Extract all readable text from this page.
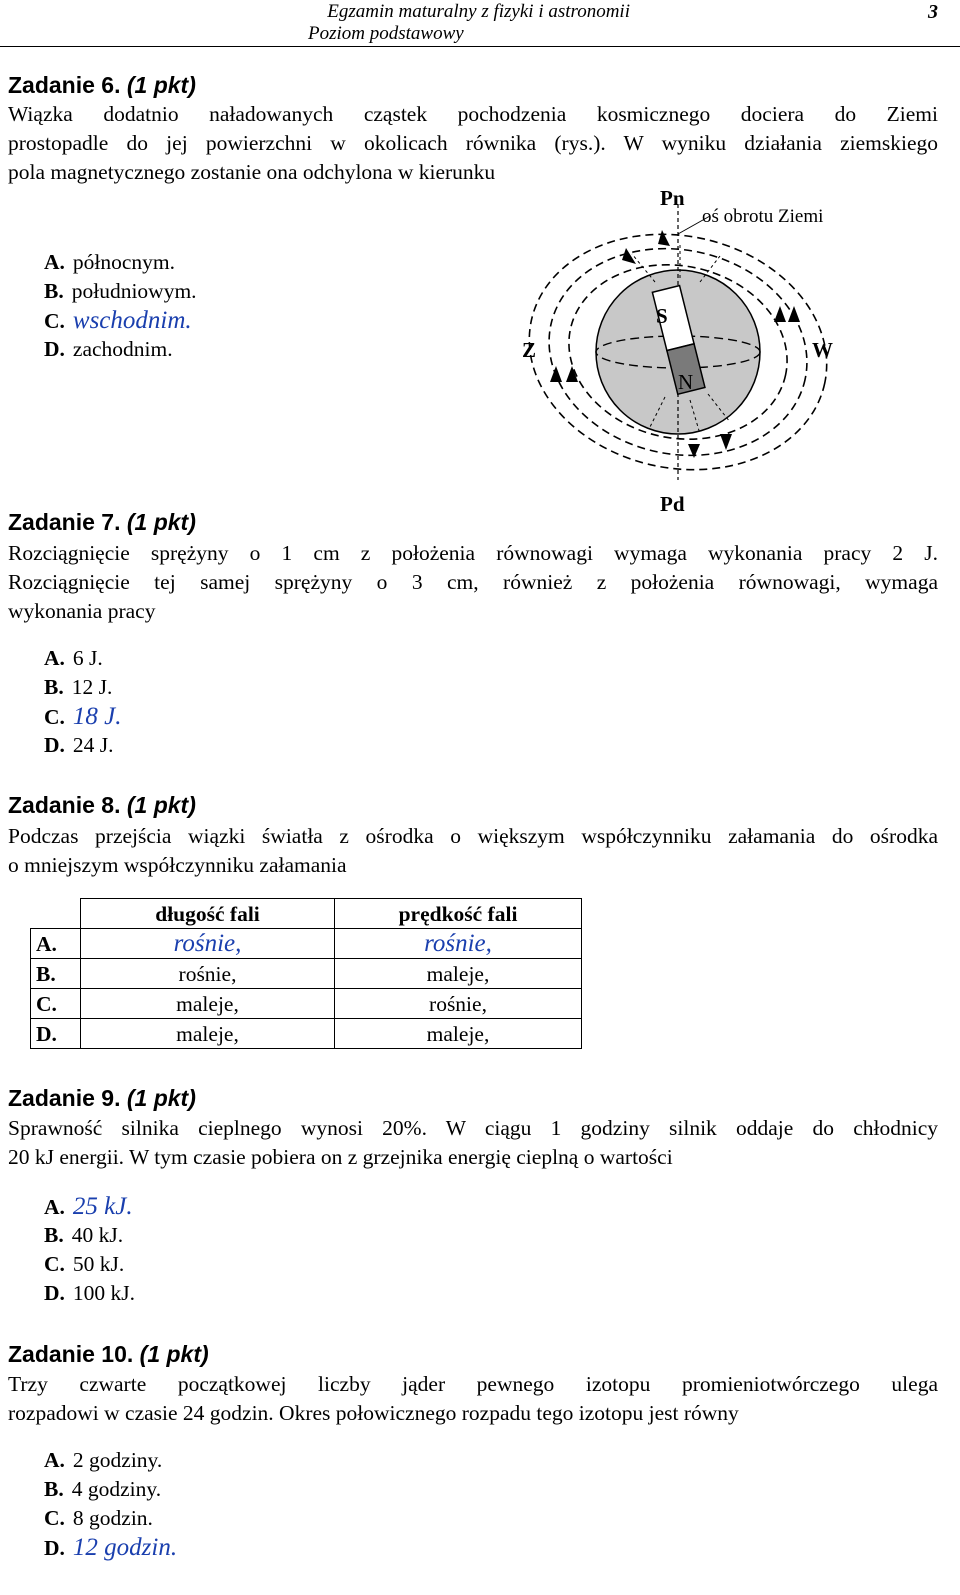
Egzamin maturalny z fizyki i astronomii	3
Poziom podstawowy
Zadanie 6. (1 pkt)
Wiązka dodatnio naładowanych cząstek pochodzenia kosmicznego dociera do Ziemi
prostopadle do jej powierzchni w okolicach równika (rys.). W wyniku działania ziemskiego
pola magnetycznego zostanie ona odchylona w kierunku
A. północnym.
B. południowym.
C. wschodnim.
D. zachodnim.
Pn
oś obrotu Ziemi
Z	W
S
N
Pd
Zadanie 7. (1 pkt)
Rozciągnięcie sprężyny o 1 cm z położenia równowagi wymaga wykonania pracy 2 J.
Rozciągnięcie tej samej sprężyny o 3 cm, również z położenia równowagi, wymaga
wykonania pracy
A. 6 J.
B. 12 J.
C. 18 J.
D. 24 J.
Zadanie 8. (1 pkt)
Podczas przejścia wiązki światła z ośrodka o większym współczynniku załamania do ośrodka
o mniejszym współczynniku załamania
	długość fali	prędkość fali
A.	rośnie,	rośnie,
B.	rośnie,	maleje,
C.	maleje,	rośnie,
D.	maleje,	maleje,
Zadanie 9. (1 pkt)
Sprawność silnika cieplnego wynosi 20%. W ciągu 1 godziny silnik oddaje do chłodnicy
20 kJ energii. W tym czasie pobiera on z grzejnika energię cieplną o wartości
A. 25 kJ.
B. 40 kJ.
C. 50 kJ.
D. 100 kJ.
Zadanie 10. (1 pkt)
Trzy czwarte początkowej liczby jąder pewnego izotopu promieniotwórczego ulega
rozpadowi w czasie 24 godzin. Okres połowicznego rozpadu tego izotopu jest równy
A. 2 godziny.
B. 4 godziny.
C. 8 godzin.
D. 12 godzin.
